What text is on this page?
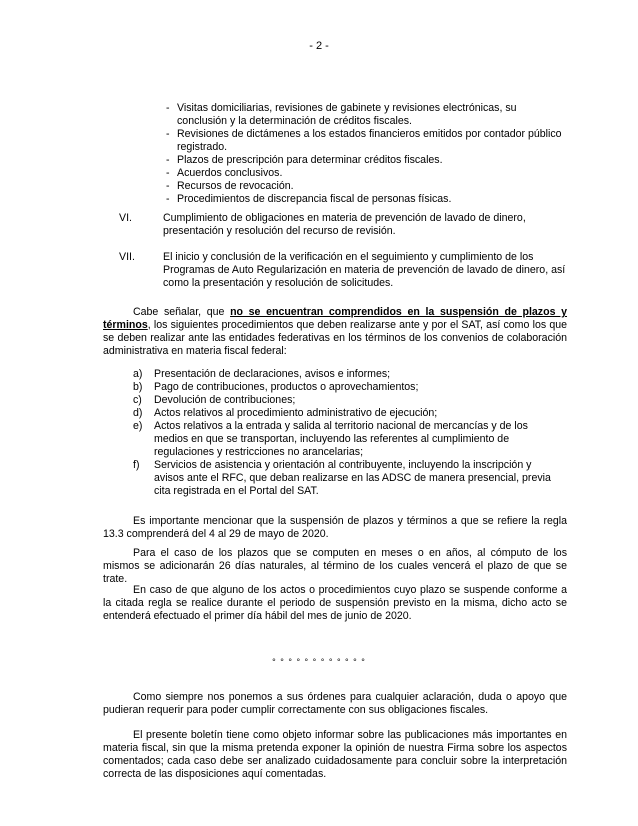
- 2 -
- Visitas domiciliarias, revisiones de gabinete y revisiones electrónicas, su conclusión y la determinación de créditos fiscales.
- Revisiones de dictámenes a los estados financieros emitidos por contador público registrado.
- Plazos de prescripción para determinar créditos fiscales.
- Acuerdos conclusivos.
- Recursos de revocación.
- Procedimientos de discrepancia fiscal de personas físicas.
VI.	Cumplimiento de obligaciones en materia de prevención de lavado de dinero, presentación y resolución del recurso de revisión.
VII.	El inicio y conclusión de la verificación en el seguimiento y cumplimiento de los Programas de Auto Regularización en materia de prevención de lavado de dinero, así como la presentación y resolución de solicitudes.

Cabe señalar, que no se encuentran comprendidos en la suspensión de plazos y términos, los siguientes procedimientos que deben realizarse ante y por el SAT, así como los que se deben realizar ante las entidades federativas en los términos de los convenios de colaboración administrativa en materia fiscal federal:

a) Presentación de declaraciones, avisos e informes;
b) Pago de contribuciones, productos o aprovechamientos;
c) Devolución de contribuciones;
d) Actos relativos al procedimiento administrativo de ejecución;
e) Actos relativos a la entrada y salida al territorio nacional de mercancías y de los medios en que se transportan, incluyendo las referentes al cumplimiento de regulaciones y restricciones no arancelarias;
f) Servicios de asistencia y orientación al contribuyente, incluyendo la inscripción y avisos ante el RFC, que deban realizarse en las ADSC de manera presencial, previa cita registrada en el Portal del SAT.

Es importante mencionar que la suspensión de plazos y términos a que se refiere la regla 13.3 comprenderá del 4 al 29 de mayo de 2020.

Para el caso de los plazos que se computen en meses o en años, al cómputo de los mismos se adicionarán 26 días naturales, al término de los cuales vencerá el plazo de que se trate.

En caso de que alguno de los actos o procedimientos cuyo plazo se suspende conforme a la citada regla se realice durante el periodo de suspensión previsto en la misma, dicho acto se entenderá efectuado el primer día hábil del mes de junio de 2020.

° ° ° ° ° ° ° ° ° ° ° °

Como siempre nos ponemos a sus órdenes para cualquier aclaración, duda o apoyo que pudieran requerir para poder cumplir correctamente con sus obligaciones fiscales.

El presente boletín tiene como objeto informar sobre las publicaciones más importantes en materia fiscal, sin que la misma pretenda exponer la opinión de nuestra Firma sobre los aspectos comentados; cada caso debe ser analizado cuidadosamente para concluir sobre la interpretación correcta de las disposiciones aquí comentadas.
